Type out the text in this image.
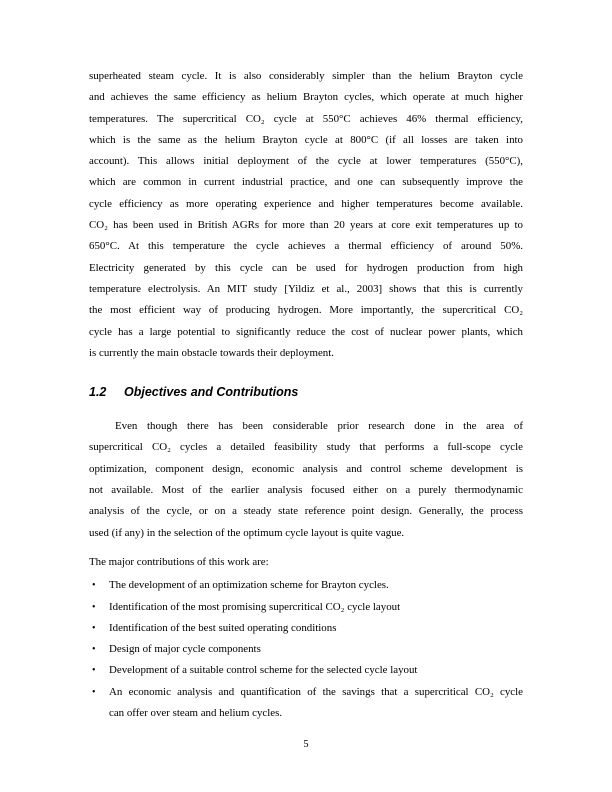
superheated steam cycle. It is also considerably simpler than the helium Brayton cycle
and achieves the same efficiency as helium Brayton cycles, which operate at much higher
temperatures. The supercritical CO₂ cycle at 550°C achieves 46% thermal efficiency,
which is the same as the helium Brayton cycle at 800°C (if all losses are taken into
account). This allows initial deployment of the cycle at lower temperatures (550°C),
which are common in current industrial practice, and one can subsequently improve the
cycle efficiency as more operating experience and higher temperatures become available.
CO₂ has been used in British AGRs for more than 20 years at core exit temperatures up to
650°C. At this temperature the cycle achieves a thermal efficiency of around 50%.
Electricity generated by this cycle can be used for hydrogen production from high
temperature electrolysis. An MIT study [Yildiz et al., 2003] shows that this is currently
the most efficient way of producing hydrogen. More importantly, the supercritical CO₂
cycle has a large potential to significantly reduce the cost of nuclear power plants, which
is currently the main obstacle towards their deployment.
1.2 Objectives and Contributions
Even though there has been considerable prior research done in the area of
supercritical CO₂ cycles a detailed feasibility study that performs a full-scope cycle
optimization, component design, economic analysis and control scheme development is
not available. Most of the earlier analysis focused either on a purely thermodynamic
analysis of the cycle, or on a steady state reference point design. Generally, the process
used (if any) in the selection of the optimum cycle layout is quite vague.
The major contributions of this work are:
• The development of an optimization scheme for Brayton cycles.
• Identification of the most promising supercritical CO₂ cycle layout
• Identification of the best suited operating conditions
• Design of major cycle components
• Development of a suitable control scheme for the selected cycle layout
• An economic analysis and quantification of the savings that a supercritical CO₂ cycle
can offer over steam and helium cycles.
5
